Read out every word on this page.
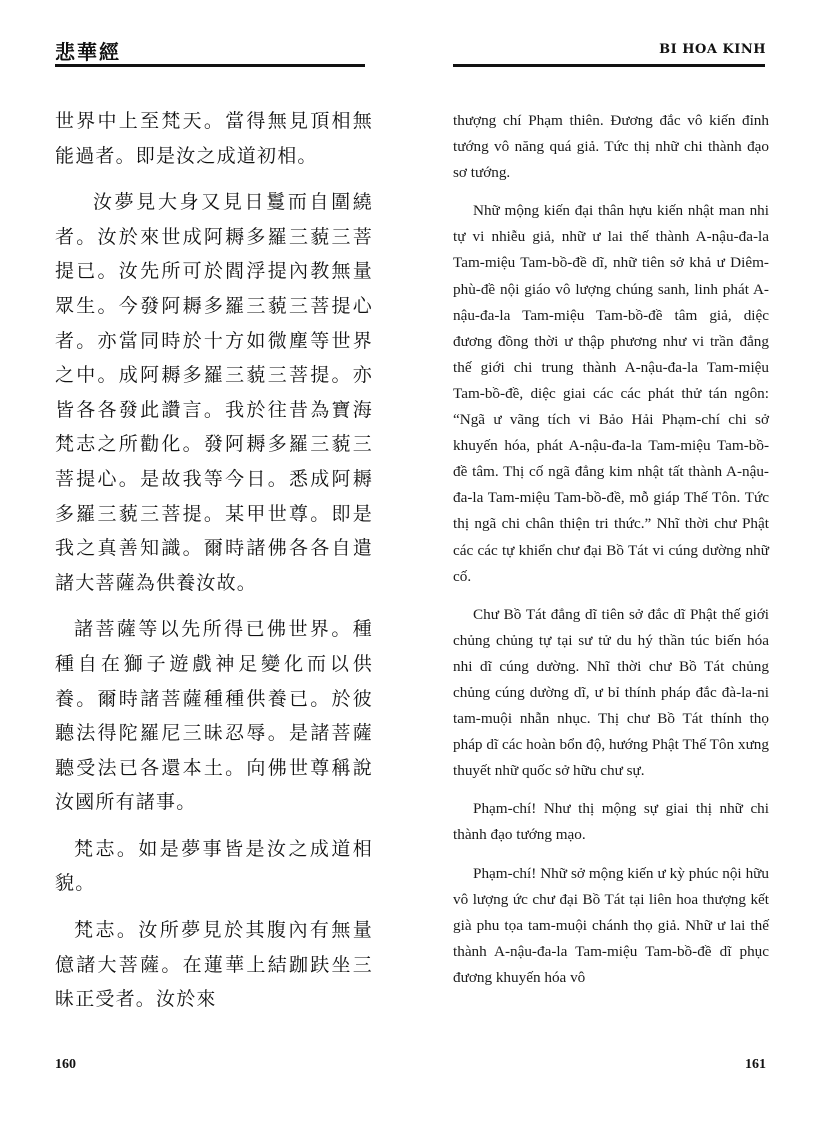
悲華經

世界中上至梵天。當得無見頂相無能過者。即是汝之成道初相。

汝夢見大身又見日鬘而自圍繞者。汝於來世成阿耨多羅三藐三菩提已。汝先所可於閻浮提內教無量眾生。今發阿耨多羅三藐三菩提心者。亦當同時於十方如微塵等世界之中。成阿耨多羅三藐三菩提。亦皆各各發此讚言。我於往昔為寶海梵志之所勸化。發阿耨多羅三藐三菩提心。是故我等今日。悉成阿耨多羅三藐三菩提。某甲世尊。即是我之真善知識。爾時諸佛各各自遣諸大菩薩為供養汝故。

諸菩薩等以先所得已佛世界。種種自在獅子遊戲神足變化而以供養。爾時諸菩薩種種供養已。於彼聽法得陀羅尼三昧忍辱。是諸菩薩聽受法已各還本土。向佛世尊稱說汝國所有諸事。

梵志。如是夢事皆是汝之成道相貌。

梵志。汝所夢見於其腹內有無量億諸大菩薩。在蓮華上結跏趺坐三昧正受者。汝於來

160
BI HOA KINH

thượng chí Phạm thiên. Đương đắc vô kiến đỉnh tướng vô năng quá giả. Tức thị nhữ chi thành đạo sơ tướng.

Nhữ mộng kiến đại thân hựu kiến nhật man nhi tự vi nhiễu giả, nhữ ư lai thế thành A-nậu-đa-la Tam-miệu Tam-bồ-đề dĩ, nhữ tiên sở khả ư Diêm-phù-đề nội giáo vô lượng chúng sanh, linh phát A-nậu-đa-la Tam-miệu Tam-bồ-đề tâm giả, diệc đương đồng thời ư thập phương như vi trần đẳng thế giới chi trung thành A-nậu-đa-la Tam-miệu Tam-bồ-đề, diệc giai các các phát thử tán ngôn: “Ngã ư vãng tích vi Bảo Hải Phạm-chí chi sở khuyến hóa, phát A-nậu-đa-la Tam-miệu Tam-bồ-đề tâm. Thị cố ngã đẳng kim nhật tất thành A-nậu-đa-la Tam-miệu Tam-bồ-đề, mỗ giáp Thế Tôn. Tức thị ngã chi chân thiện tri thức.” Nhĩ thời chư Phật các các tự khiển chư đại Bồ Tát vi cúng dường nhữ cố.

Chư Bồ Tát đẳng dĩ tiên sở đắc dĩ Phật thế giới chủng chủng tự tại sư tử du hý thần túc biến hóa nhi dĩ cúng dường. Nhĩ thời chư Bồ Tát chủng chủng cúng dường dĩ, ư bỉ thính pháp đắc đà-la-ni tam-muội nhẫn nhục. Thị chư Bồ Tát thính thọ pháp dĩ các hoàn bổn độ, hướng Phật Thế Tôn xưng thuyết nhữ quốc sở hữu chư sự.

Phạm-chí! Như thị mộng sự giai thị nhữ chi thành đạo tướng mạo.

Phạm-chí! Nhữ sở mộng kiến ư kỳ phúc nội hữu vô lượng ức chư đại Bồ Tát tại liên hoa thượng kết già phu tọa tam-muội chánh thọ giả. Nhữ ư lai thế thành A-nậu-đa-la Tam-miệu Tam-bồ-đề dĩ phục đương khuyến hóa vô

161
